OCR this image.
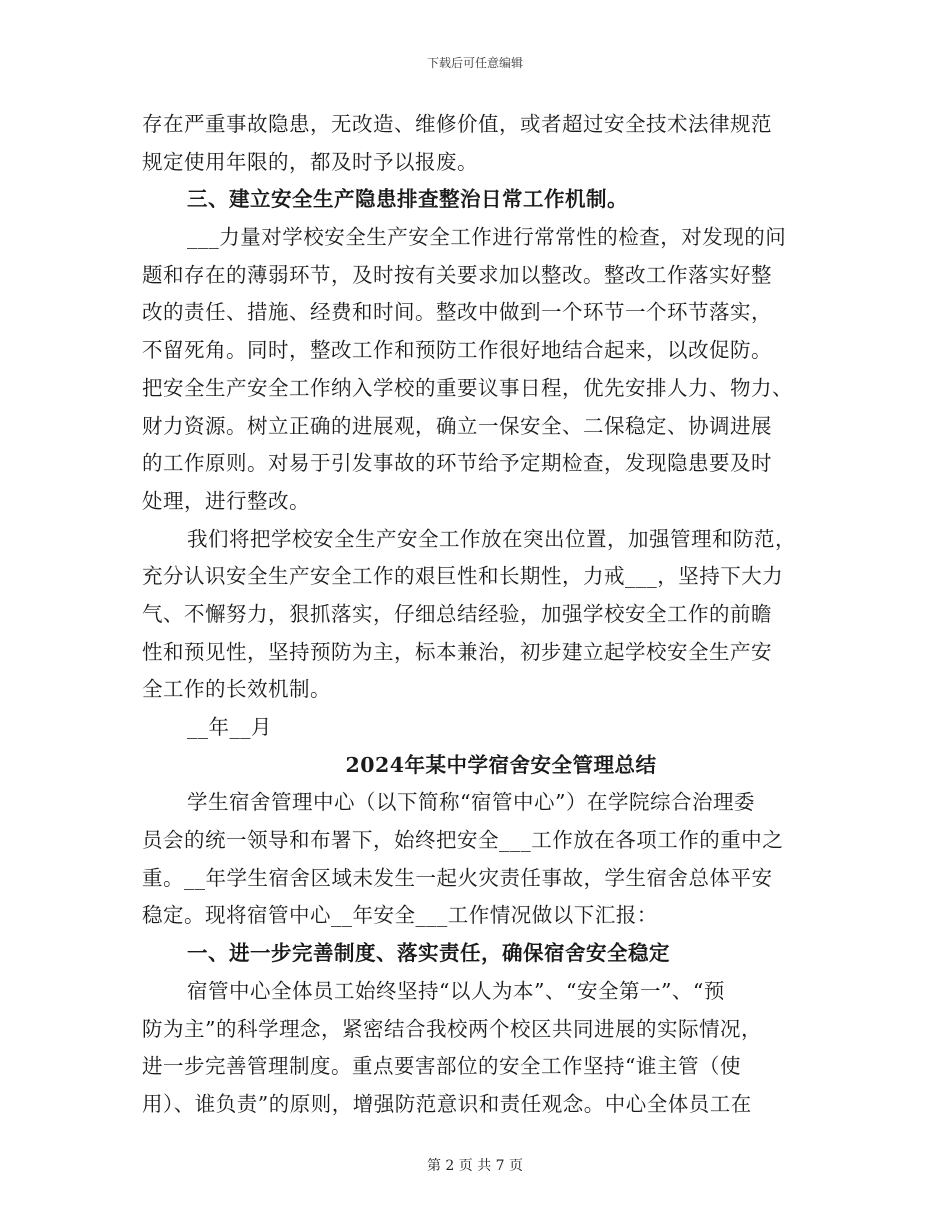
下载后可任意编辑
存在严重事故隐患，无改造、维修价值，或者超过安全技术法律规范
规定使用年限的，都及时予以报废。
三、建立安全生产隐患排查整治日常工作机制。
___力量对学校安全生产安全工作进行常常性的检查，对发现的问
题和存在的薄弱环节，及时按有关要求加以整改。整改工作落实好整
改的责任、措施、经费和时间。整改中做到一个环节一个环节落实，
不留死角。同时，整改工作和预防工作很好地结合起来，以改促防。
把安全生产安全工作纳入学校的重要议事日程，优先安排人力、物力、
财力资源。树立正确的进展观，确立一保安全、二保稳定、协调进展
的工作原则。对易于引发事故的环节给予定期检查，发现隐患要及时
处理，进行整改。
我们将把学校安全生产安全工作放在突出位置，加强管理和防范，
充分认识安全生产安全工作的艰巨性和长期性，力戒___，坚持下大力
气、不懈努力，狠抓落实，仔细总结经验，加强学校安全工作的前瞻
性和预见性，坚持预防为主，标本兼治，初步建立起学校安全生产安
全工作的长效机制。
__年__月
2024年某中学宿舍安全管理总结
学生宿舍管理中心（以下简称“宿管中心”）在学院综合治理委
员会的统一领导和布署下，始终把安全___工作放在各项工作的重中之
重。__年学生宿舍区域未发生一起火灾责任事故，学生宿舍总体平安
稳定。现将宿管中心__年安全___工作情况做以下汇报：
一、进一步完善制度、落实责任，确保宿舍安全稳定
宿管中心全体员工始终坚持“以人为本”、“安全第一”、“预
防为主”的科学理念，紧密结合我校两个校区共同进展的实际情况，
进一步完善管理制度。重点要害部位的安全工作坚持“谁主管（使
用）、谁负责”的原则，增强防范意识和责任观念。中心全体员工在
第 2 页 共 7 页
